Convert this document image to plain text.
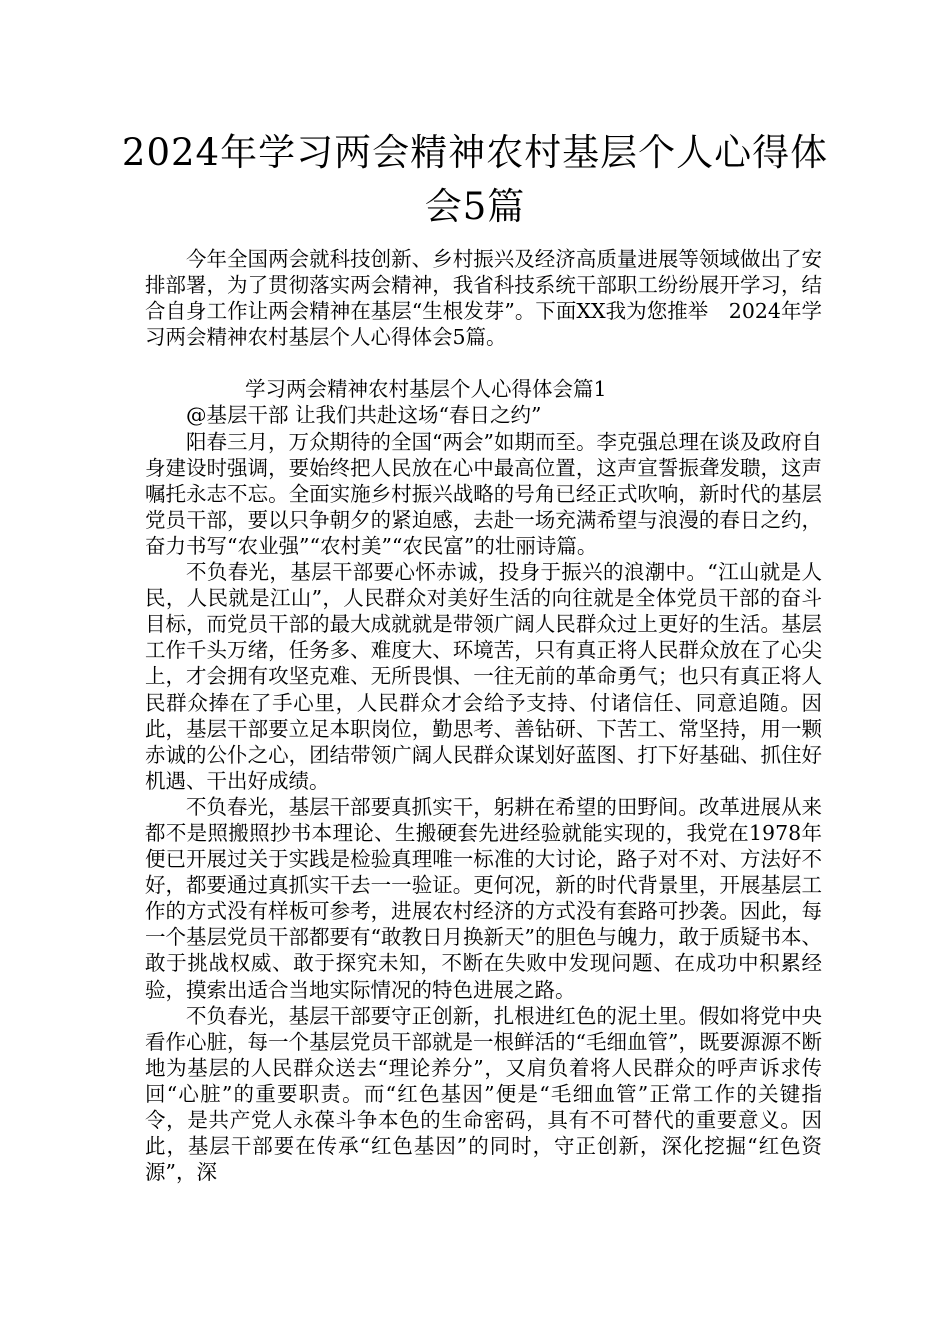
2024年学习两会精神农村基层个人心得体
会5篇

今年全国两会就科技创新、乡村振兴及经济高质量进展等领域做出了安排部署，为了贯彻落实两会精神，我省科技系统干部职工纷纷展开学习，结合自身工作让两会精神在基层“生根发芽”。下面XX我为您推举　2024年学习两会精神农村基层个人心得体会5篇。

学习两会精神农村基层个人心得体会篇1

@基层干部 让我们共赴这场“春日之约”

阳春三月，万众期待的全国“两会”如期而至。李克强总理在谈及政府自身建设时强调，要始终把人民放在心中最高位置，这声宣誓振聋发聩，这声嘱托永志不忘。全面实施乡村振兴战略的号角已经正式吹响，新时代的基层党员干部，要以只争朝夕的紧迫感，去赴一场充满希望与浪漫的春日之约，奋力书写“农业强”“农村美”“农民富”的壮丽诗篇。

不负春光，基层干部要心怀赤诚，投身于振兴的浪潮中。“江山就是人民，人民就是江山”，人民群众对美好生活的向往就是全体党员干部的奋斗目标，而党员干部的最大成就就是带领广阔人民群众过上更好的生活。基层工作千头万绪，任务多、难度大、环境苦，只有真正将人民群众放在了心尖上，才会拥有攻坚克难、无所畏惧、一往无前的革命勇气；也只有真正将人民群众捧在了手心里，人民群众才会给予支持、付诸信任、同意追随。因此，基层干部要立足本职岗位，勤思考、善钻研、下苦工、常坚持，用一颗赤诚的公仆之心，团结带领广阔人民群众谋划好蓝图、打下好基础、抓住好机遇、干出好成绩。

不负春光，基层干部要真抓实干，躬耕在希望的田野间。改革进展从来都不是照搬照抄书本理论、生搬硬套先进经验就能实现的，我党在1978年便已开展过关于实践是检验真理唯一标准的大讨论，路子对不对、方法好不好，都要通过真抓实干去一一验证。更何况，新的时代背景里，开展基层工作的方式没有样板可参考，进展农村经济的方式没有套路可抄袭。因此，每一个基层党员干部都要有“敢教日月换新天”的胆色与魄力，敢于质疑书本、敢于挑战权威、敢于探究未知，不断在失败中发现问题、在成功中积累经验，摸索出适合当地实际情况的特色进展之路。

不负春光，基层干部要守正创新，扎根进红色的泥土里。假如将党中央看作心脏，每一个基层党员干部就是一根鲜活的“毛细血管”，既要源源不断地为基层的人民群众送去“理论养分”，又肩负着将人民群众的呼声诉求传回“心脏”的重要职责。而“红色基因”便是“毛细血管”正常工作的关键指令，是共产党人永葆斗争本色的生命密码，具有不可替代的重要意义。因此，基层干部要在传承“红色基因”的同时，守正创新，深化挖掘“红色资源”，深
